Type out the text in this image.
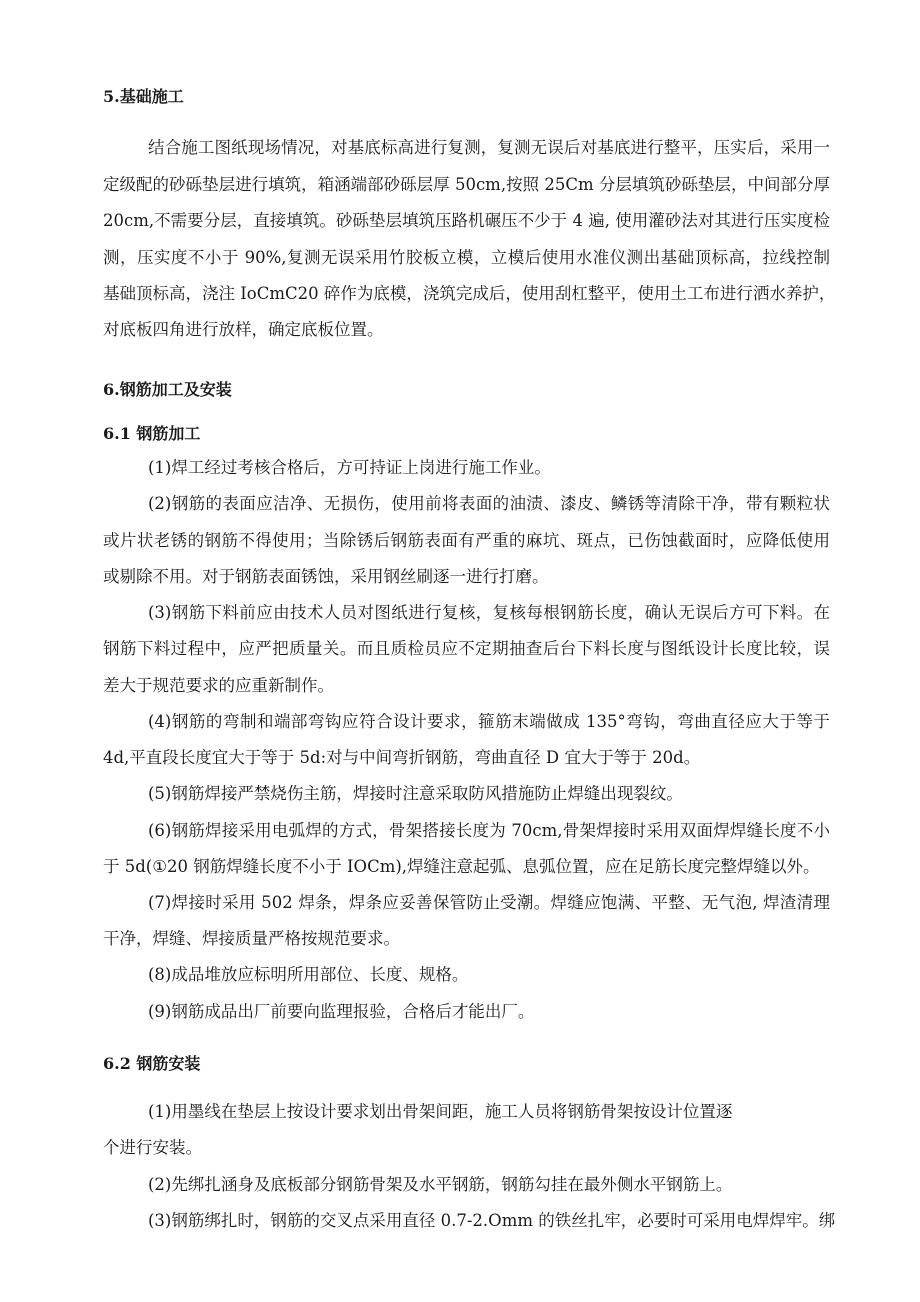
5.基础施工
结合施工图纸现场情况，对基底标高进行复测，复测无误后对基底进行整平，压实后，采用一
定级配的砂砾垫层进行填筑，箱涵端部砂砾层厚 50cm,按照 25Cm 分层填筑砂砾垫层，中间部分厚
20cm,不需要分层，直接填筑。砂砾垫层填筑压路机碾压不少于 4 遍, 使用灌砂法对其进行压实度检
测，压实度不小于 90%,复测无误采用竹胶板立模，立模后使用水准仪测出基础顶标高，拉线控制
基础顶标高，浇注 IoCmC20 碎作为底模，浇筑完成后，使用刮杠整平，使用土工布进行洒水养护，
对底板四角进行放样，确定底板位置。
6.钢筋加工及安装
6.1 钢筋加工
(1)焊工经过考核合格后，方可持证上岗进行施工作业。
(2)钢筋的表面应洁净、无损伤，使用前将表面的油渍、漆皮、鳞锈等清除干净，带有颗粒状
或片状老锈的钢筋不得使用；当除锈后钢筋表面有严重的麻坑、斑点，已伤蚀截面时，应降低使用
或剔除不用。对于钢筋表面锈蚀，采用钢丝刷逐一进行打磨。
(3)钢筋下料前应由技术人员对图纸进行复核，复核每根钢筋长度，确认无误后方可下料。在
钢筋下料过程中，应严把质量关。而且质检员应不定期抽查后台下料长度与图纸设计长度比较，误
差大于规范要求的应重新制作。
(4)钢筋的弯制和端部弯钩应符合设计要求，箍筋末端做成 135°弯钩，弯曲直径应大于等于
4d,平直段长度宜大于等于 5d:对与中间弯折钢筋，弯曲直径 D 宜大于等于 20d。
(5)钢筋焊接严禁烧伤主筋，焊接时注意采取防风措施防止焊缝出现裂纹。
(6)钢筋焊接采用电弧焊的方式，骨架搭接长度为 70cm,骨架焊接时采用双面焊焊缝长度不小
于 5d(①20 钢筋焊缝长度不小于 IOCm),焊缝注意起弧、息弧位置，应在足筋长度完整焊缝以外。
(7)焊接时采用 502 焊条，焊条应妥善保管防止受潮。焊缝应饱满、平整、无气泡, 焊渣清理
干净，焊缝、焊接质量严格按规范要求。
(8)成品堆放应标明所用部位、长度、规格。
(9)钢筋成品出厂前要向监理报验，合格后才能出厂。
6.2 钢筋安装
(1)用墨线在垫层上按设计要求划出骨架间距，施工人员将钢筋骨架按设计位置逐
个进行安装。
(2)先绑扎涵身及底板部分钢筋骨架及水平钢筋，钢筋勾挂在最外侧水平钢筋上。
(3)钢筋绑扎时，钢筋的交叉点采用直径 0.7-2.Omm 的铁丝扎牢，必要时可采用电焊焊牢。绑
